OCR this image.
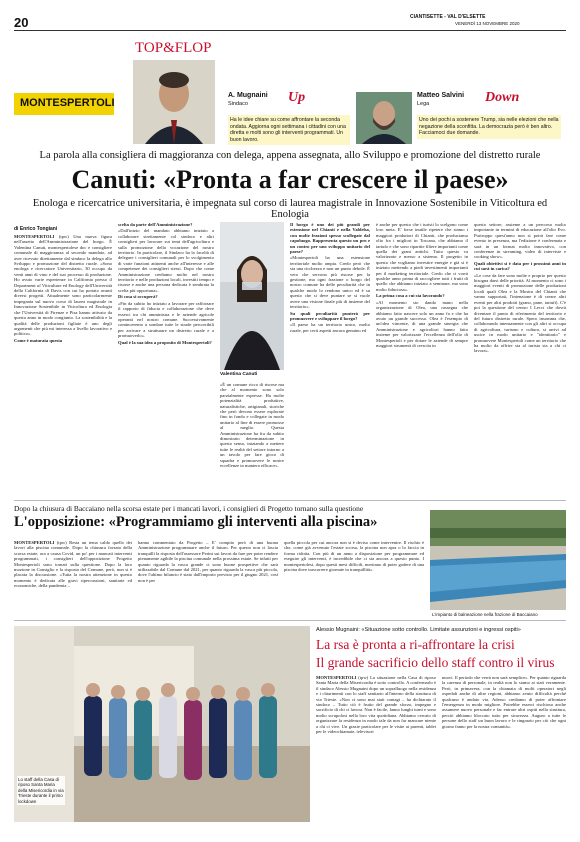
20	CIANTISETTE - VAL D'ELSETTE
VENERDÌ 13 NOVEMBRE 2020
TOP&FLOP
MONTESPERTOLI
A. Mugnaini
Sindaco	Up
Ha le idee chiare su come affrontare la seconda ondata. Aggiorna ogni settimana i cittadini con una diretta e molti sono gli interventi programmati. Un buon lavoro.
Matteo Salvini
Lega	Down
Uno dei pochi a sostenere Trump, sia nelle elezioni che nella negazione della sconfitta. La democrazia però è ben altro. Facciamoci due domande.
La parola alla consigliera di maggioranza con delega, appena assegnata, allo Sviluppo e promozione del distretto rurale
Canuti: «Pronta a far crescere il paese»
Enologa e ricercatrice universitaria, è impegnata sul corso di laurea magistrale in Innovazione Sostenibile in Viticoltura ed Enologia
di Enrico Tongiani

MONTESPERTOLI (tpw) Una nuova figura nell'assetto dell'Amministrazione del borgo. È Valentina Canuti, montespertolese doc e consigliere comunale di maggioranza al secondo mandato, ad aver ricevuto direttamente dal sindaco la delega allo Sviluppo e promozione del distretto rurale. «Sono enologa e ricercatore Universitario, 30 occupo da venti anni di vino e del suo processo di produzione. Ho avuto varie esperienze in California presso il Department of Viticulture ed Enology dell'Università della California di Davis con cui ho portato avanti diversi progetti. Attualmente sono particolarmente impegnata sul nuovo corso di laurea magistrale in Innovazione Sostenibile in Viticoltura ed Enologia che l'Università di Firenze e Pisa hanno attivato da questo anno in modo congiunto. La sostenibilità e la qualità delle produzioni figliate è uno degli argomenti che più mi interessa a livello lavorativo e politico».

Come è maturata questa

scelta da parte dell'Amministrazione?

«Dall'inizio del mandato abbiamo iniziato a collaborare strettamente col sindaco e altri consiglieri per lavorare sui temi dell'agricoltura e sulla promozione della vocazione del nostro territorio. In particolare, il Sindaco ha la facoltà di delegare i consiglieri comunali per lo svolgimento di varie funzioni attinenti anche all'interesse e alle competenze dei consiglieri stessi. Dopo che come Amministrazione crediamo molto nel nostro territorio e nelle produzioni locali, investiti tempo e risorse e anche una persona dedicata è sembrata la scelta più opportuna».

Di cosa si occuperà?

«Fin da subito ho iniziato a lavorare per rafforzare il rapporto di fiducia e collaborazione che deve esserci tra chi amministra e le aziende agricole operanti nel nostro comune. Successivamente cominceremo a sondare tutte le strade percorribili per arrivare a strutturare un distretto rurale e a promuoverlo».

Qual è la sua idea a proposito di Montespertoli?

Valentina Canuti

«È un comune ricco di risorse ma che al momento sono solo parzialmente espresse. Ha molte potenzialità produttive, naturalistiche, artigianali, storiche che però devono essere esplorate fino in fondo e collegate in modo unitario al fine di essere promosse al meglio. Questa Amministrazione ha fra da subito dimostrato determinazione in questo senso, iniziando a mettere tutte le realtà del settore intorno a un tavolo per fare gioco di squadra e promuovere le nostre eccellenze in maniera efficace».

Il borgo è uno dei più grandi per estensione nel Chianti e nella Valdelsa, con molte frazioni spesso scollegate dal capoluogo. Rappresenta questo un pro e un contro per uno sviluppo unitario del paese?

«Montespertoli ha una estensione territoriale molto ampia. Credo però che sia una ricchezza e non un punto debole. È vero che servono più risorse per la gestione, ma ogni frazione o borgo del nostro comune ha delle peculiarità che in qualche modo lo rendono unico ed è su questo che si deve puntare se si vuole avere una visione finale più di insieme del territorio».

Su quali peculiarità punterà per promuovere e sviluppare il borgo?

«Il paese ha un territorio unico, molto rurale, per certi aspetti ancora genuino ed

è anche per questo che i turisti lo scelgono come loro meta. E' forse inutile ripetere che siamo i maggiori produttori di Chianti, che produciamo olio fra i migliori in Toscana, che abbiamo il tartufo e che sono ripartite filiere importanti come quella dei grani antichi. Tutto questo va valorizzato e messo a sistema. Il progetto in questo che vogliamo investire energie e già si è iniziato mettendo a piedi investimenti importanti per il marketing territoriale. Credo che ci vorrà qualche anno prima di raccogliere tutti i frutti di quello che abbiamo iniziato a seminare, ma sono molto fiduciosa».

La prima cosa a cui sta lavorando?

«Al momento sto dando mano nella organizzazione di Olea, una rassegna che abbiamo fatto nascere solo un anno fa e che ha avuto un grande successo. Olea è l'esempio di un'idea vincente, di una grande sinergia che Amministrazione e agricoltori hanno fatto insieme per valorizzare l'eccellenza dell'olio di Montespertoli e per dotare le aziende di sempre maggiori strumenti di crescita in

questo settore, assieme a un percorso molto importante in termini di educazione all'olio Evo. Purtroppo quest'anno non si potrà fare come evento in presenza, ma l'edizione è confermata e sarà in un format molto innovativo, con conferenze in streaming, video di interviste e cooking show».

Quali obiettivi si è data per i prossimi anni in cui sarà in carica?

«Le cose da fare sono molte e proprio per questo bisogna darsi delle priorità. Al momento ci sono i maggiori eventi di promozione delle produzioni locali quali Olea e la Mostra del Chianti che vanno supportati, l'intenzione è di creare altri eventi per altri prodotti (grano, pane, tartufi). C'è poi la questione del centro I Lecci che dovrà diventare il punto di riferimento del territorio e del futuro distretto rurale. Spero insomma che, collaborando intensamente con gli altri si occupa di agricoltura, turismo e cultura, si arrivi ad uscire in modo unitario e "identitario" e promuovere Montespertoli come un territorio che ha molto da offrire sia al turista sia a chi ci lavora».

Dopo la chiusura di Baccaiano nella scorsa estate per i mancati lavori, i consiglieri di Progetto tornano sulla questione
L'opposizione: «Programmiamo gli interventi alla piscina»

MONTESPERTOLI (tpw) Resta un tema caldo quello dei lavori alla piscina comunale. Dopo la chiusura forzata della scorsa estate, ora a causa Covid, un po' per i mancati interventi programmati, i consiglieri dell'opposizione Progetto Montespertoli sono tornati sulla questione. Dopo la loro mozione in Consiglio e la risposta del Comune, però, non si è placata la discussione. «Tutta la nostra attenzione in questo momento è dedicata alle gravi ripercussioni, sanitarie ed economiche, della pandemia –

hanno commentato da Progetto – E' compito però di una buona Amministrazione programmare anche il futuro. Per questo non ci lascia tranquilli la risposta dell'assessore Perini sui lavori da fare per poter rendere pienamente agibile la piscina comunale nella prossima estate. Se infatti per quanto riguarda la vasca grande ci sono buone prospettive che sarà utilizzabile dal Comune dal 2021, per quanto riguarda la vasca più piccola, dove l'ultimo bilancio è stato dall'importo previsto per il giugno 2021, così non è per

quella piccola per cui ancora non si è deciso come intervenire. Il rischio è che, come già avvenuto l'estate scorsa, la piscina non apra o lo faccia in forma ridotta. Con più di un anno a disposizione per programmare ed eseguire gli interventi, è incredibile che ci sia ancora a questo punto. I montespertolesi, dopo questi mesi difficili, meritano di poter godere di una piscina dove trascorrere giornate in tranquillità».

L'impianto di balneazione nella frazione di Baccaiano
Lo staff della Casa di riposo Santa Maria della Misericordia in via Trieste durante il primo lockdown
Alessio Mugnaini: «Situazione sotto controllo. Limitate assunzioni e ingressi ospiti»
La rsa è pronta a ri-affrontare la crisi
Il grande sacrificio dello staff contro il virus

MONTESPERTOLI (tpw) La situazione nella Casa di riposo Santa Maria della Misericordia è sotto controllo. A confermarlo è il sindaco Alessio Mugnaini dopo un sopralluogo nella residenza e i chiarimenti con lo staff sanitario all'interno della struttura di via Trieste. «Non ci sono mai stati contagi – ha dichiarato il sindaco – Tutto ciò è frutto del grande sforzo, impegno e sacrificio di chi ci lavora. Non è facile, fanno lunghi turni e sono molto scrupolosi nella loro vita quotidiana. Abbiamo cercato di organizzare la residenza in modo tale da non far mancare niente a chi ci vive. Un grazie particolare per le visite ai parenti, tablet per le videochiamate, televisori

nuovi. Il periodo che verrà non sarà semplice». Per quanto riguarda la carenza di personale, in realtà non lo siamo ai stati veramente. Però, in primavera, con la chiamata di molti operatori negli ospedali anche di altre regioni, abbiamo avuto difficoltà perché qualcuno è andato via. Adesso crediamo di poter affrontare l'emergenza in modo migliore. Potrebbe esserci rischioso anche assumere nuovo personale e far entrare altri ospiti nella struttura, perciò abbiamo bloccato tutto per sicurezza. Auguro a tutte le persone dello staff un buon lavoro e le ringrazio per ciò che ogni giorno fanno per la nostra comunità».
